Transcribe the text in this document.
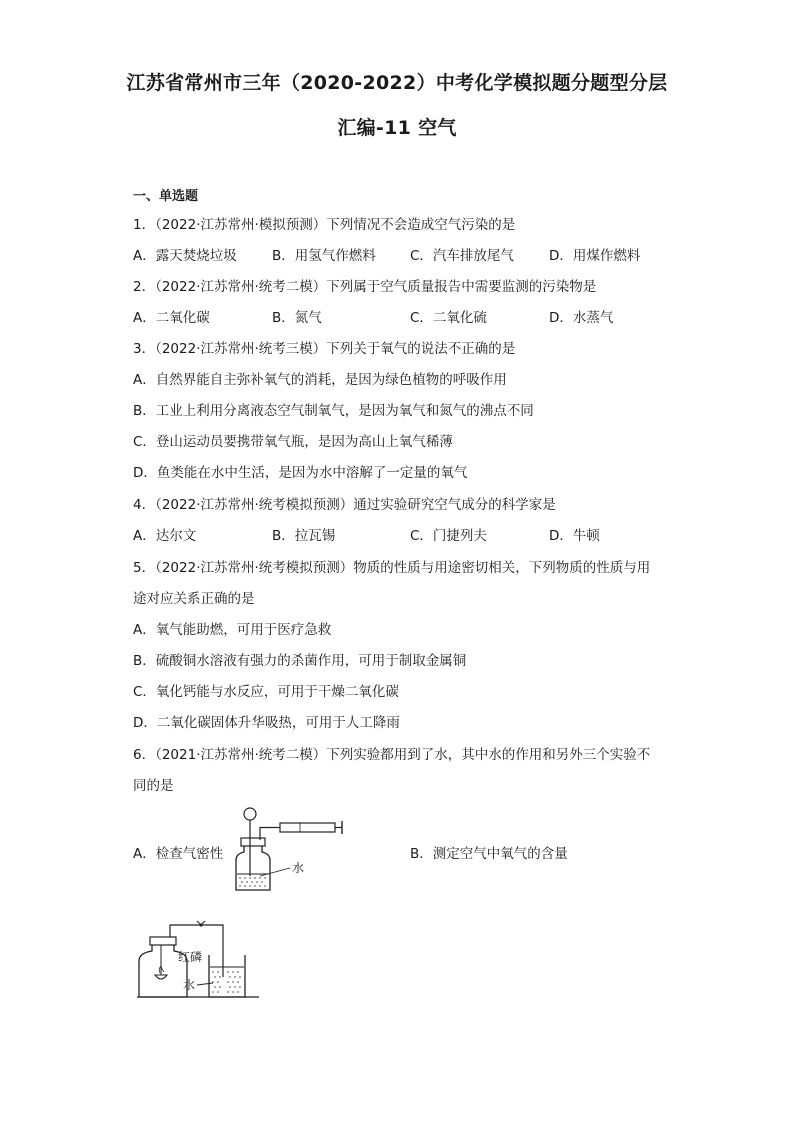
江苏省常州市三年（2020-2022）中考化学模拟题分题型分层
汇编-11 空气
一、单选题
1．（2022·江苏常州·模拟预测）下列情况不会造成空气污染的是
A．露天焚烧垃圾	B．用氢气作燃料	C．汽车排放尾气	D．用煤作燃料
2．（2022·江苏常州·统考二模）下列属于空气质量报告中需要监测的污染物是
A．二氧化碳	B．氮气	C．二氧化硫	D．水蒸气
3．（2022·江苏常州·统考三模）下列关于氧气的说法不正确的是
A．自然界能自主弥补氧气的消耗，是因为绿色植物的呼吸作用
B．工业上利用分离液态空气制氧气，是因为氧气和氮气的沸点不同
C．登山运动员要携带氧气瓶，是因为高山上氧气稀薄
D．鱼类能在水中生活，是因为水中溶解了一定量的氧气
4．（2022·江苏常州·统考模拟预测）通过实验研究空气成分的科学家是
A．达尔文	B．拉瓦锡	C．门捷列夫	D．牛顿
5．（2022·江苏常州·统考模拟预测）物质的性质与用途密切相关，下列物质的性质与用
途对应关系正确的是
A．氧气能助燃，可用于医疗急救
B．硫酸铜水溶液有强力的杀菌作用，可用于制取金属铜
C．氧化钙能与水反应，可用于干燥二氧化碳
D．二氧化碳固体升华吸热，可用于人工降雨
6．（2021·江苏常州·统考二模）下列实验都用到了水，其中水的作用和另外三个实验不
同的是
A．检查气密性	B．测定空气中氧气的含量
水
红磷
水
